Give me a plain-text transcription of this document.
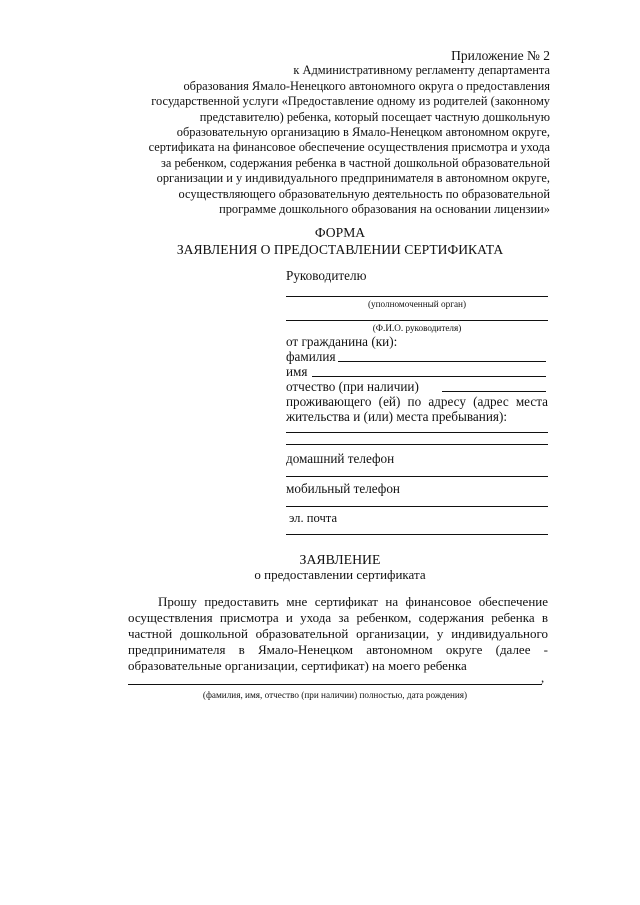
Приложение № 2
к Административному регламенту департамента
образования Ямало-Ненецкого автономного округа о предоставления
государственной услуги «Предоставление одному из родителей (законному
представителю) ребенка, который посещает частную дошкольную
образовательную организацию в Ямало-Ненецком автономном округе,
сертификата на финансовое обеспечение осуществления присмотра и ухода
за ребенком, содержания ребенка в частной дошкольной образовательной
организации и у индивидуального предпринимателя в автономном округе,
осуществляющего образовательную деятельность по образовательной
программе дошкольного образования на основании лицензии»
ФОРМА
ЗАЯВЛЕНИЯ О ПРЕДОСТАВЛЕНИИ СЕРТИФИКАТА
Руководителю
(уполномоченный орган)
(Ф.И.О. руководителя)
от гражданина (ки):
фамилия
имя
отчество (при наличии)
проживающего (ей) по адресу (адрес места
жительства и (или) места пребывания):
домашний телефон
мобильный телефон
эл. почта
ЗАЯВЛЕНИЕ
о предоставлении сертификата
Прошу предоставить мне сертификат на финансовое обеспечение
осуществления присмотра и ухода за ребенком, содержания ребенка в
частной дошкольной образовательной организации, у индивидуального
предпринимателя в Ямало-Ненецком автономном округе (далее -
образовательные организации, сертификат) на моего ребенка
,
(фамилия, имя, отчество (при наличии) полностью, дата рождения)
